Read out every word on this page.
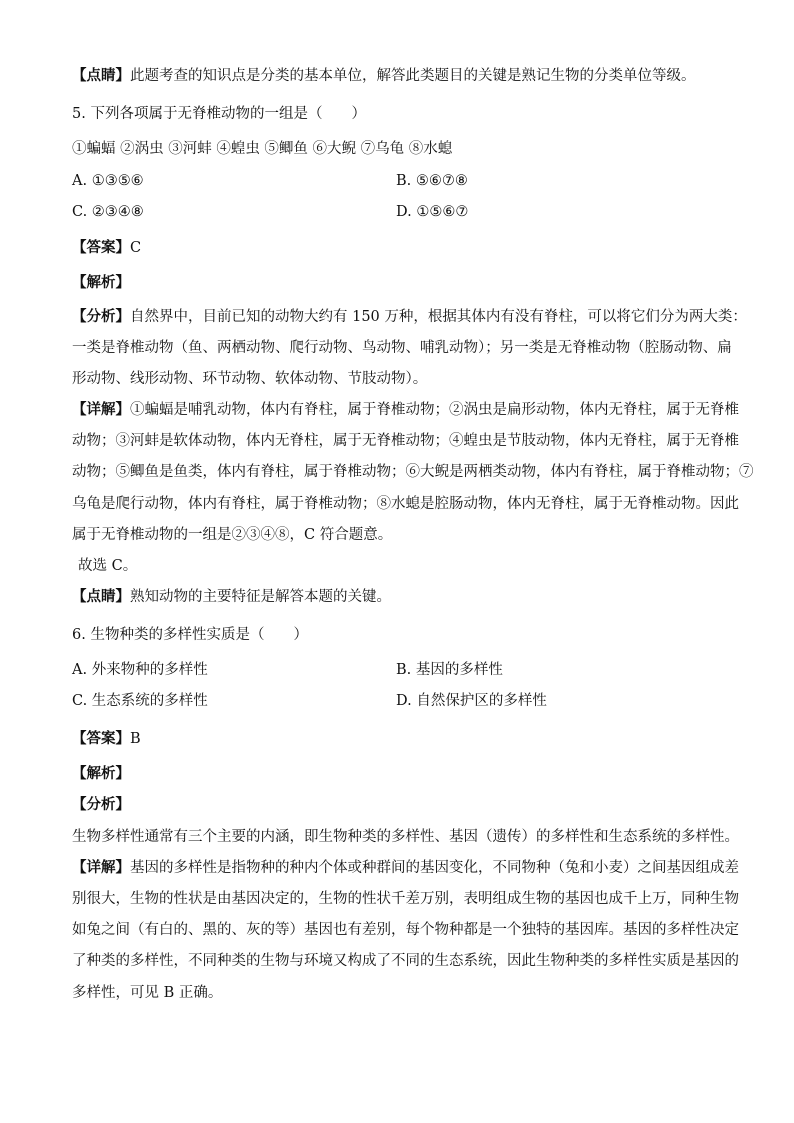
【点睛】此题考查的知识点是分类的基本单位，解答此类题目的关键是熟记生物的分类单位等级。
5. 下列各项属于无脊椎动物的一组是（　　）
①蝙蝠 ②涡虫 ③河蚌 ④蝗虫 ⑤鲫鱼 ⑥大鲵 ⑦乌龟 ⑧水螅
A. ①③⑤⑥	B. ⑤⑥⑦⑧
C. ②③④⑧	D. ①⑤⑥⑦
【答案】C
【解析】
【分析】自然界中，目前已知的动物大约有 150 万种，根据其体内有没有脊柱，可以将它们分为两大类：
一类是脊椎动物（鱼、两栖动物、爬行动物、鸟动物、哺乳动物）；另一类是无脊椎动物（腔肠动物、扁
形动物、线形动物、环节动物、软体动物、节肢动物）。
【详解】①蝙蝠是哺乳动物，体内有脊柱，属于脊椎动物；②涡虫是扁形动物，体内无脊柱，属于无脊椎
动物；③河蚌是软体动物，体内无脊柱，属于无脊椎动物；④蝗虫是节肢动物，体内无脊柱，属于无脊椎
动物；⑤鲫鱼是鱼类，体内有脊柱，属于脊椎动物；⑥大鲵是两栖类动物，体内有脊柱，属于脊椎动物；⑦
乌龟是爬行动物，体内有脊柱，属于脊椎动物；⑧水螅是腔肠动物，体内无脊柱，属于无脊椎动物。因此
属于无脊椎动物的一组是②③④⑧，C 符合题意。
故选 C。
【点睛】熟知动物的主要特征是解答本题的关键。
6. 生物种类的多样性实质是（　　）
A. 外来物种的多样性	B. 基因的多样性
C. 生态系统的多样性	D. 自然保护区的多样性
【答案】B
【解析】
【分析】
生物多样性通常有三个主要的内涵，即生物种类的多样性、基因（遗传）的多样性和生态系统的多样性。
【详解】基因的多样性是指物种的种内个体或种群间的基因变化，不同物种（兔和小麦）之间基因组成差
别很大，生物的性状是由基因决定的，生物的性状千差万别，表明组成生物的基因也成千上万，同种生物
如兔之间（有白的、黑的、灰的等）基因也有差别，每个物种都是一个独特的基因库。基因的多样性决定
了种类的多样性，不同种类的生物与环境又构成了不同的生态系统，因此生物种类的多样性实质是基因的
多样性，可见 B 正确。
